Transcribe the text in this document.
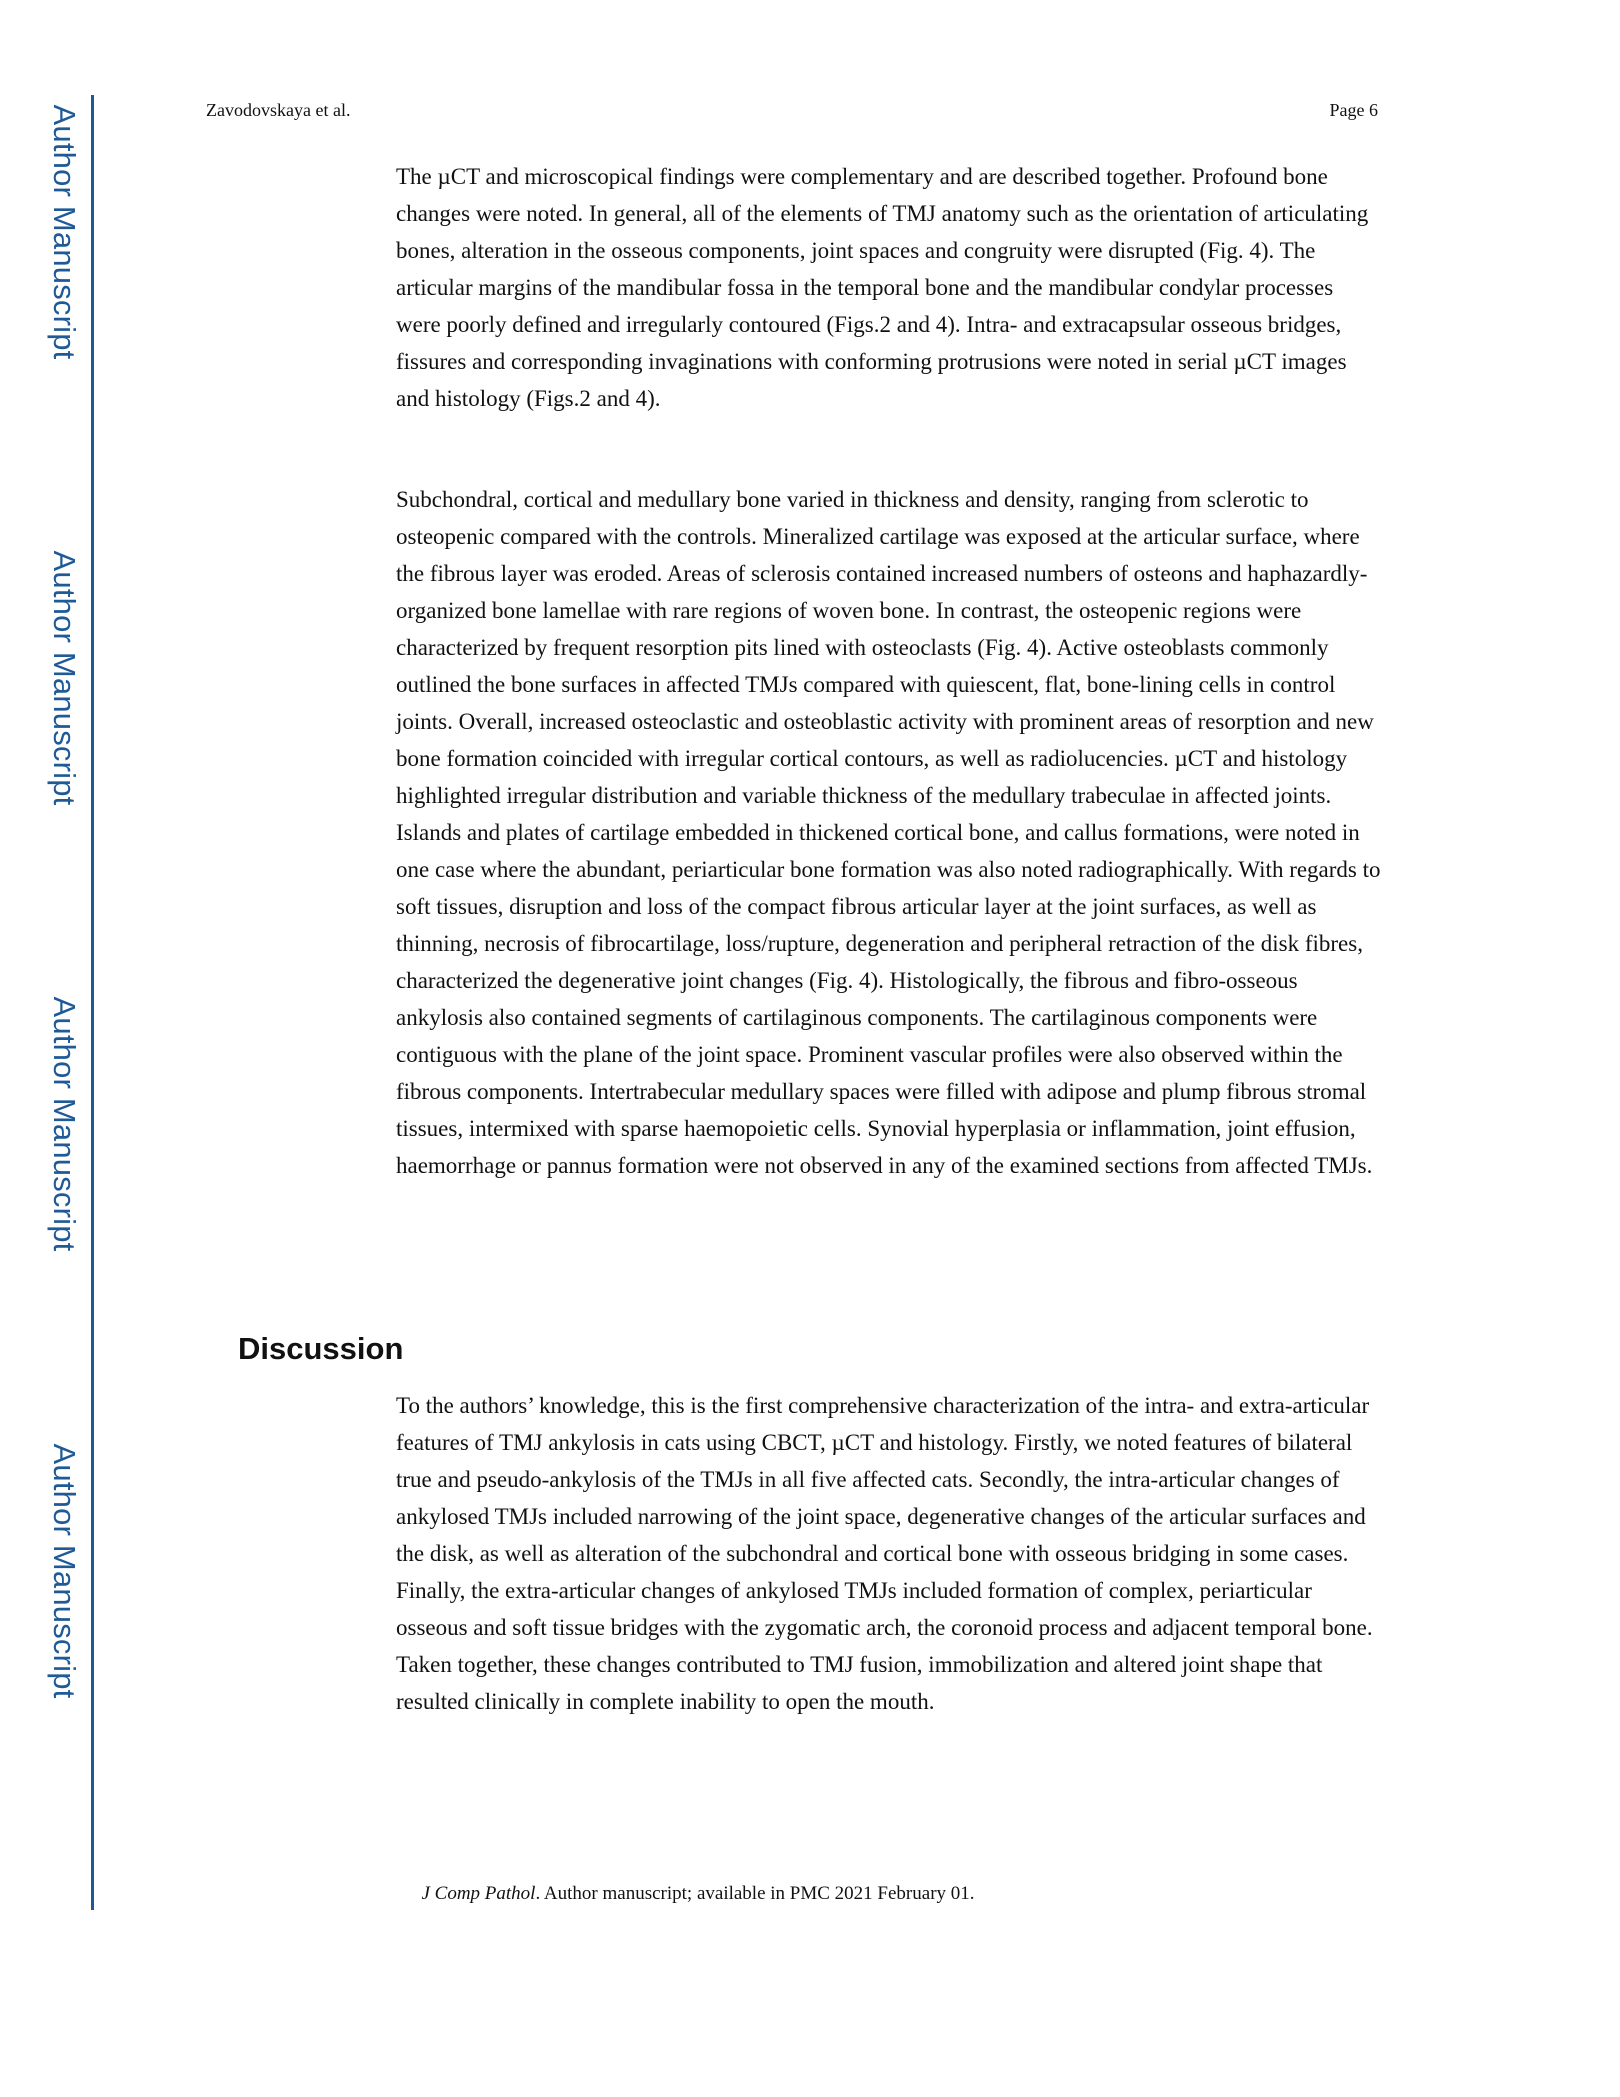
Author Manuscript
Author Manuscript
Author Manuscript
Author Manuscript
Zavodovskaya et al.	Page 6

The µCT and microscopical findings were complementary and are described together. Profound bone changes were noted. In general, all of the elements of TMJ anatomy such as the orientation of articulating bones, alteration in the osseous components, joint spaces and congruity were disrupted (Fig. 4). The articular margins of the mandibular fossa in the temporal bone and the mandibular condylar processes were poorly defined and irregularly contoured (Figs.2 and 4). Intra- and extracapsular osseous bridges, fissures and corresponding invaginations with conforming protrusions were noted in serial µCT images and histology (Figs.2 and 4).

Subchondral, cortical and medullary bone varied in thickness and density, ranging from sclerotic to osteopenic compared with the controls. Mineralized cartilage was exposed at the articular surface, where the fibrous layer was eroded. Areas of sclerosis contained increased numbers of osteons and haphazardly-organized bone lamellae with rare regions of woven bone. In contrast, the osteopenic regions were characterized by frequent resorption pits lined with osteoclasts (Fig. 4). Active osteoblasts commonly outlined the bone surfaces in affected TMJs compared with quiescent, flat, bone-lining cells in control joints. Overall, increased osteoclastic and osteoblastic activity with prominent areas of resorption and new bone formation coincided with irregular cortical contours, as well as radiolucencies. µCT and histology highlighted irregular distribution and variable thickness of the medullary trabeculae in affected joints. Islands and plates of cartilage embedded in thickened cortical bone, and callus formations, were noted in one case where the abundant, periarticular bone formation was also noted radiographically. With regards to soft tissues, disruption and loss of the compact fibrous articular layer at the joint surfaces, as well as thinning, necrosis of fibrocartilage, loss/rupture, degeneration and peripheral retraction of the disk fibres, characterized the degenerative joint changes (Fig. 4). Histologically, the fibrous and fibro-osseous ankylosis also contained segments of cartilaginous components. The cartilaginous components were contiguous with the plane of the joint space. Prominent vascular profiles were also observed within the fibrous components. Intertrabecular medullary spaces were filled with adipose and plump fibrous stromal tissues, intermixed with sparse haemopoietic cells. Synovial hyperplasia or inflammation, joint effusion, haemorrhage or pannus formation were not observed in any of the examined sections from affected TMJs.

Discussion

To the authors’ knowledge, this is the first comprehensive characterization of the intra- and extra-articular features of TMJ ankylosis in cats using CBCT, µCT and histology. Firstly, we noted features of bilateral true and pseudo-ankylosis of the TMJs in all five affected cats. Secondly, the intra-articular changes of ankylosed TMJs included narrowing of the joint space, degenerative changes of the articular surfaces and the disk, as well as alteration of the subchondral and cortical bone with osseous bridging in some cases. Finally, the extra-articular changes of ankylosed TMJs included formation of complex, periarticular osseous and soft tissue bridges with the zygomatic arch, the coronoid process and adjacent temporal bone. Taken together, these changes contributed to TMJ fusion, immobilization and altered joint shape that resulted clinically in complete inability to open the mouth.

J Comp Pathol. Author manuscript; available in PMC 2021 February 01.
